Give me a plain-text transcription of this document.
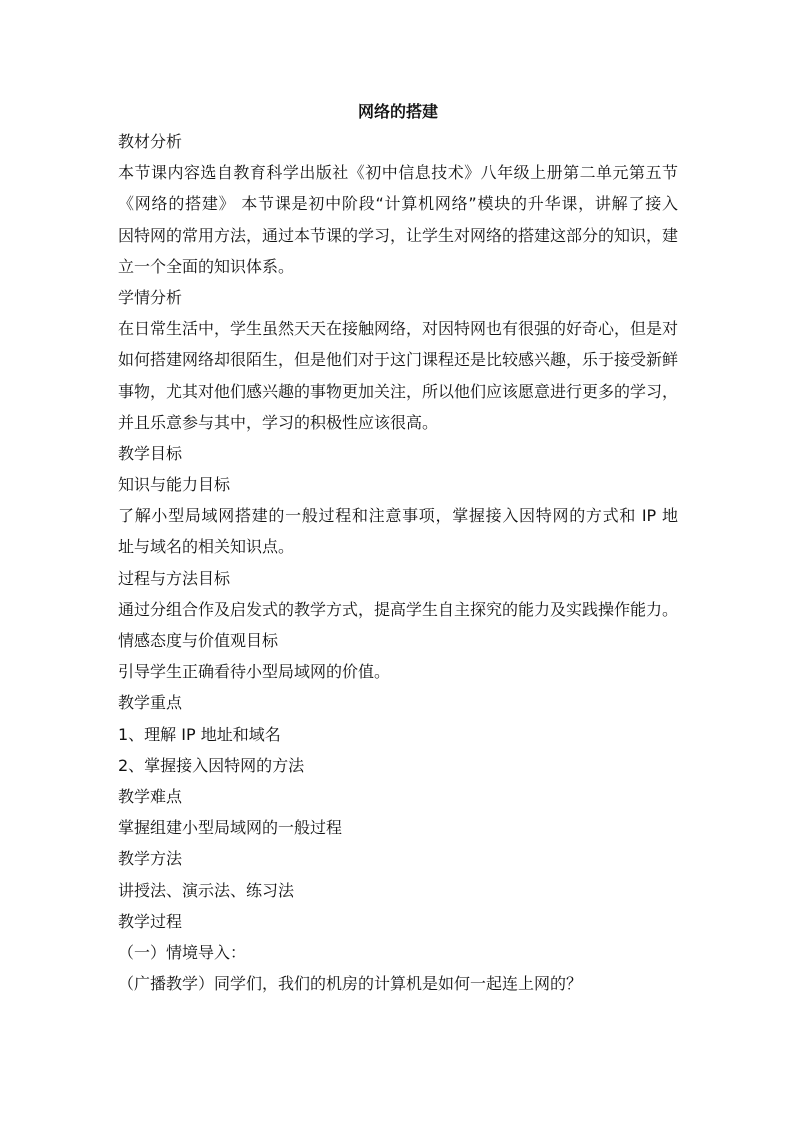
网络的搭建

教材分析

本节课内容选自教育科学出版社《初中信息技术》八年级上册第二单元第五节

《网络的搭建》 本节课是初中阶段“计算机网络”模块的升华课，讲解了接入

因特网的常用方法，通过本节课的学习，让学生对网络的搭建这部分的知识，建

立一个全面的知识体系。

学情分析

在日常生活中，学生虽然天天在接触网络，对因特网也有很强的好奇心，但是对

如何搭建网络却很陌生，但是他们对于这门课程还是比较感兴趣，乐于接受新鲜

事物，尤其对他们感兴趣的事物更加关注，所以他们应该愿意进行更多的学习，

并且乐意参与其中，学习的积极性应该很高。

教学目标

知识与能力目标

了解小型局域网搭建的一般过程和注意事项，掌握接入因特网的方式和 IP 地

址与域名的相关知识点。

过程与方法目标

通过分组合作及启发式的教学方式，提高学生自主探究的能力及实践操作能力。

情感态度与价值观目标

引导学生正确看待小型局域网的价值。

教学重点

1、理解 IP 地址和域名

2、掌握接入因特网的方法

教学难点

掌握组建小型局域网的一般过程

教学方法

讲授法、演示法、练习法

教学过程

（一）情境导入：

（广播教学）同学们，我们的机房的计算机是如何一起连上网的？
